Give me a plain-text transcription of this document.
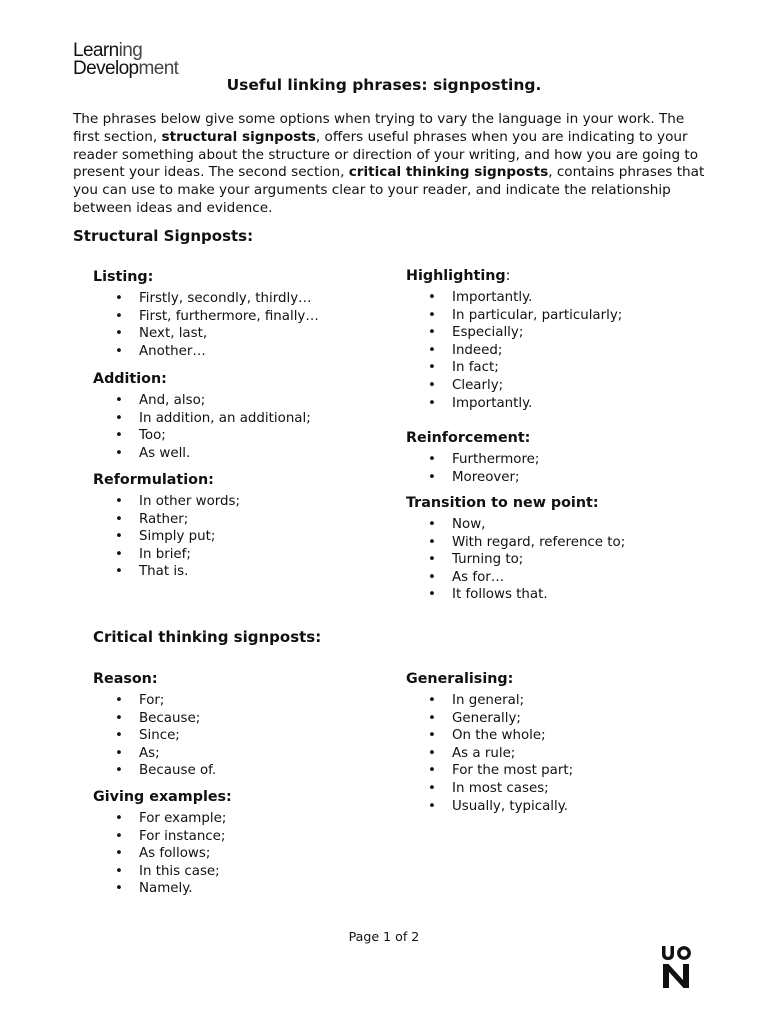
Learning
Development
Useful linking phrases: signposting.
The phrases below give some options when trying to vary the language in your work. The first section, structural signposts, offers useful phrases when you are indicating to your reader something about the structure or direction of your writing, and how you are going to present your ideas. The second section, critical thinking signposts, contains phrases that you can use to make your arguments clear to your reader, and indicate the relationship between ideas and evidence.
Structural Signposts:
Listing:
• Firstly, secondly, thirdly…
• First, furthermore, finally…
• Next, last,
• Another…
Addition:
• And, also;
• In addition, an additional;
• Too;
• As well.
Reformulation:
• In other words;
• Rather;
• Simply put;
• In brief;
• That is.
Highlighting:
• Importantly.
• In particular, particularly;
• Especially;
• Indeed;
• In fact;
• Clearly;
• Importantly.
Reinforcement:
• Furthermore;
• Moreover;
Transition to new point:
• Now,
• With regard, reference to;
• Turning to;
• As for…
• It follows that.
Critical thinking signposts:
Reason:
• For;
• Because;
• Since;
• As;
• Because of.
Giving examples:
• For example;
• For instance;
• As follows;
• In this case;
• Namely.
Generalising:
• In general;
• Generally;
• On the whole;
• As a rule;
• For the most part;
• In most cases;
• Usually, typically.
Page 1 of 2
